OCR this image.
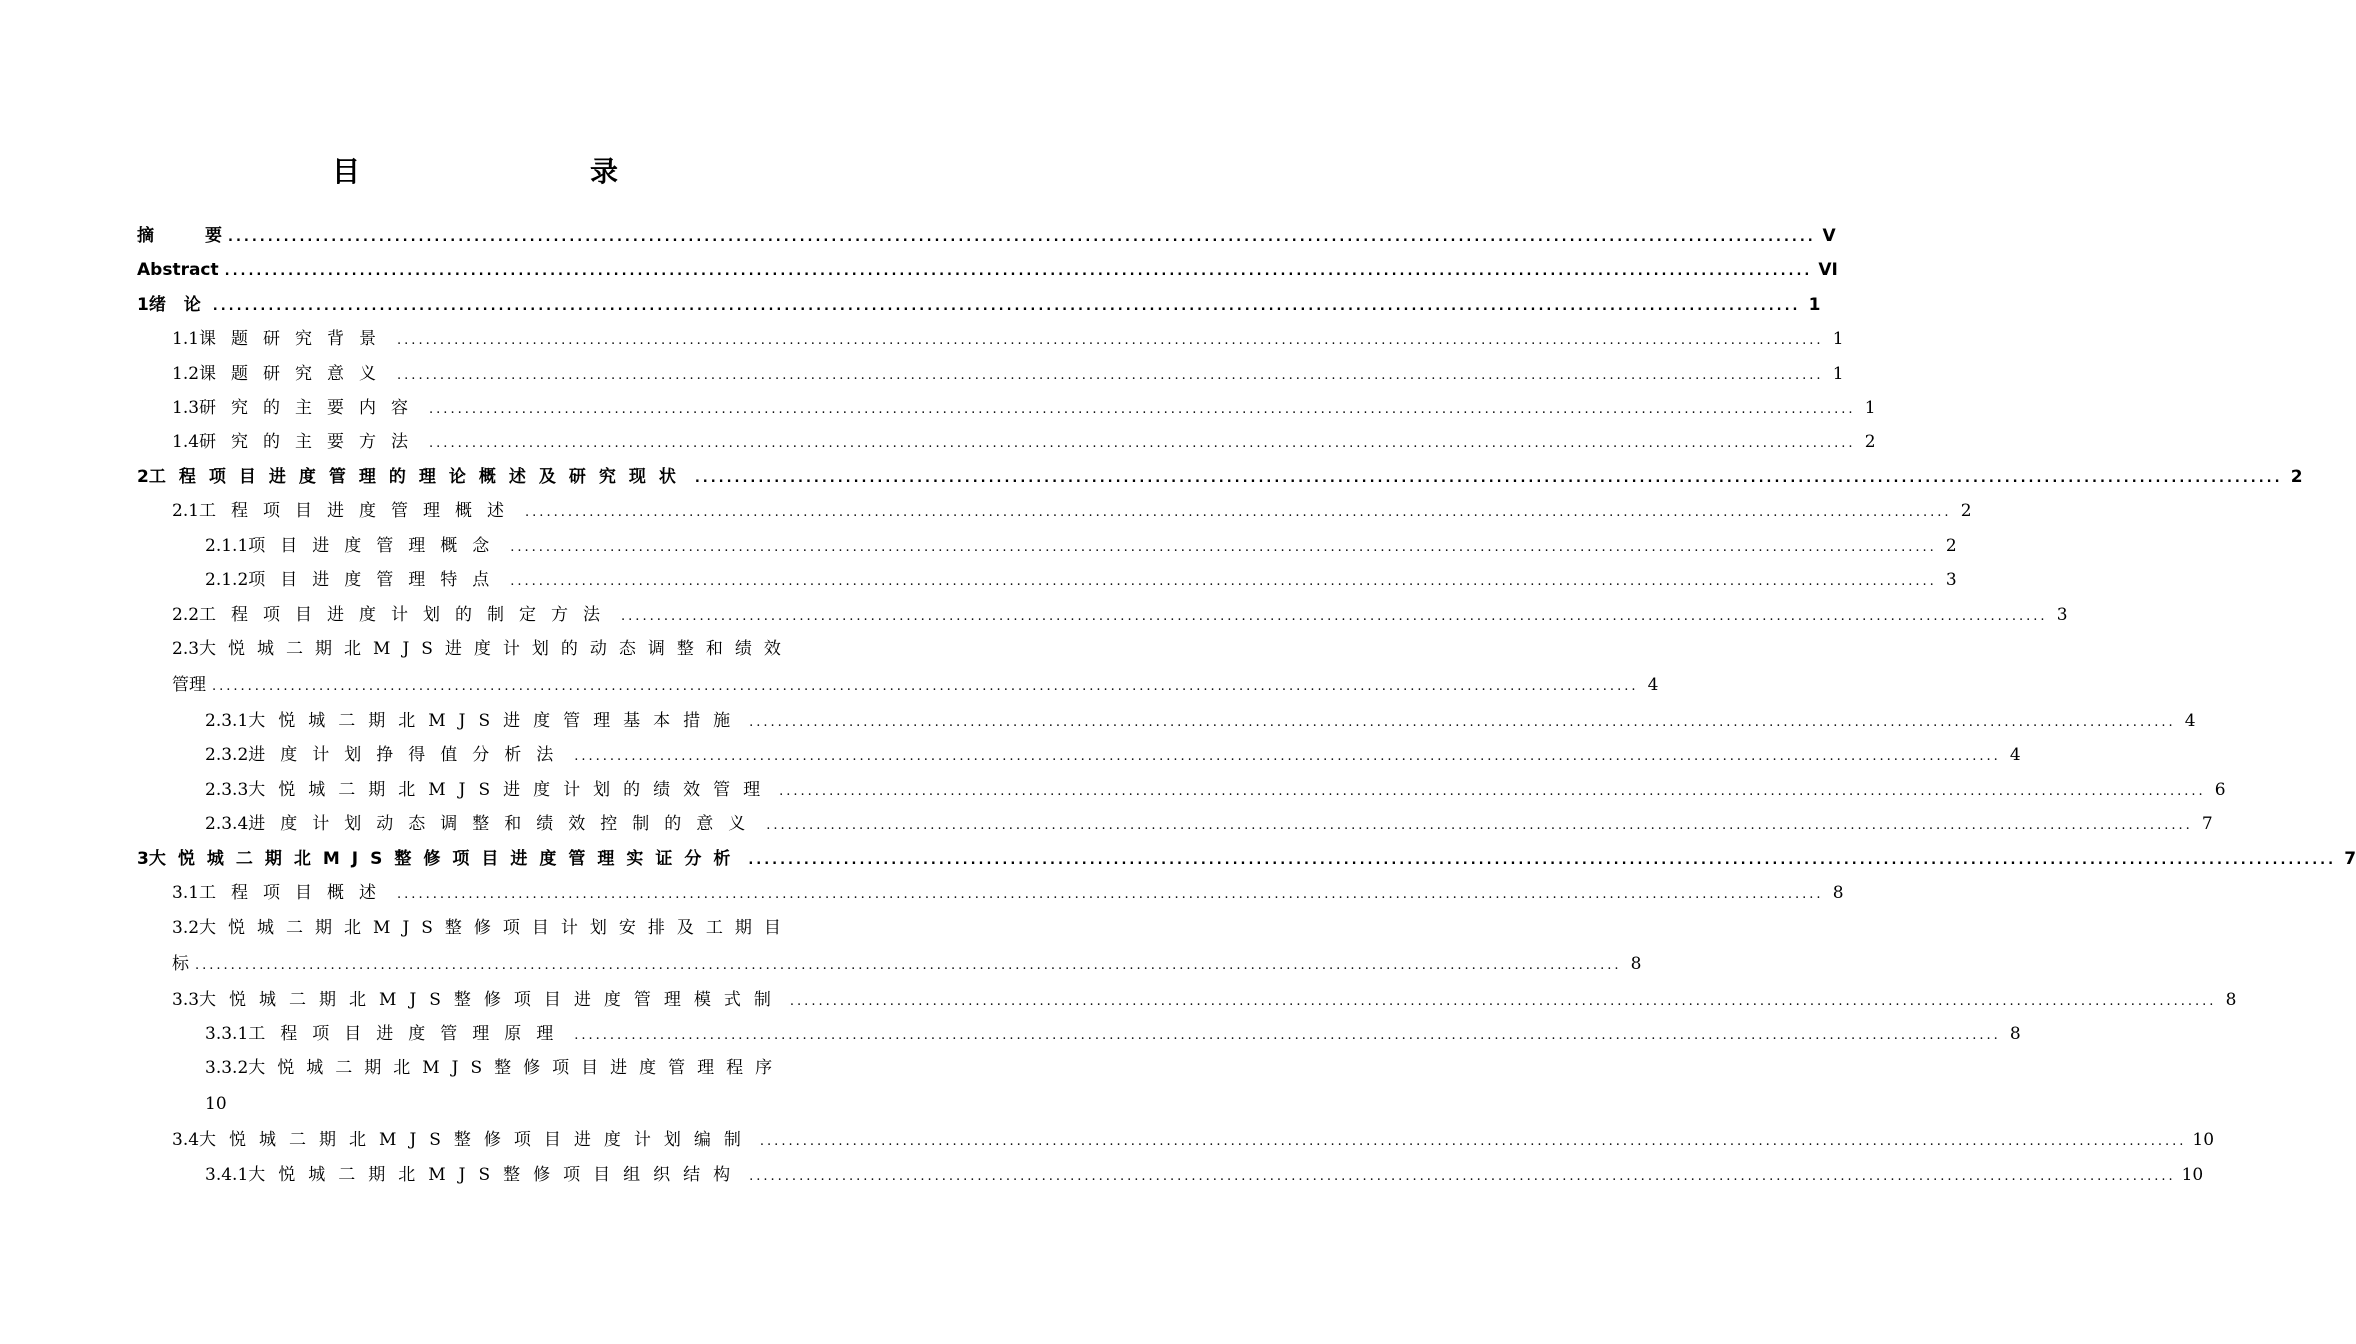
目　　录
摘　　　要 ........................................................................................................................................................................................................ V
Abstract ........................................................................................................................................................................................................ VI
1 绪 论 ........................................................................................................................................................................................................ 1
1.1 课题研究背景 ........................................................................................................................................................................................................ 1
1.2 课题研究意义 ........................................................................................................................................................................................................ 1
1.3 研究的主要内容 ........................................................................................................................................................................................................ 1
1.4 研究的主要方法 ........................................................................................................................................................................................................ 2
2 工程项目进度管理的理论概述及研究现状 ........................................................................................................................................................................................................ 2
2.1 工程项目进度管理概述 ........................................................................................................................................................................................................ 2
2.1.1 项目进度管理概念 ........................................................................................................................................................................................................ 2
2.1.2 项目进度管理特点 ........................................................................................................................................................................................................ 3
2.2 工程项目进度计划的制定方法 ........................................................................................................................................................................................................ 3
2.3 大悦城二期北MJS进度计划的动态调整和绩效
管理 ........................................................................................................................................................................................................ 4
2.3.1 大悦城二期北MJS进度管理基本措施 ........................................................................................................................................................................................................ 4
2.3.2 进度计划挣得值分析法 ........................................................................................................................................................................................................ 4
2.3.3 大悦城二期北MJS进度计划的绩效管理 ........................................................................................................................................................................................................ 6
2.3.4 进度计划动态调整和绩效控制的意义 ........................................................................................................................................................................................................ 7
3 大悦城二期北MJS整修项目进度管理实证分析 ........................................................................................................................................................................................................ 7
3.1 工程项目概述 ........................................................................................................................................................................................................ 8
3.2 大悦城二期北MJS整修项目计划安排及工期目
标 ........................................................................................................................................................................................................ 8
3.3 大悦城二期北MJS整修项目进度管理模式制 ........................................................................................................................................................................................................ 8
3.3.1 工程项目进度管理原理 ........................................................................................................................................................................................................ 8
3.3.2 大悦城二期北MJS整修项目进度管理程序
10
3.4 大悦城二期北MJS整修项目进度计划编制 ........................................................................................................................................................................................................ 10
3.4.1 大悦城二期北MJS整修项目组织结构 ........................................................................................................................................................................................................ 10
